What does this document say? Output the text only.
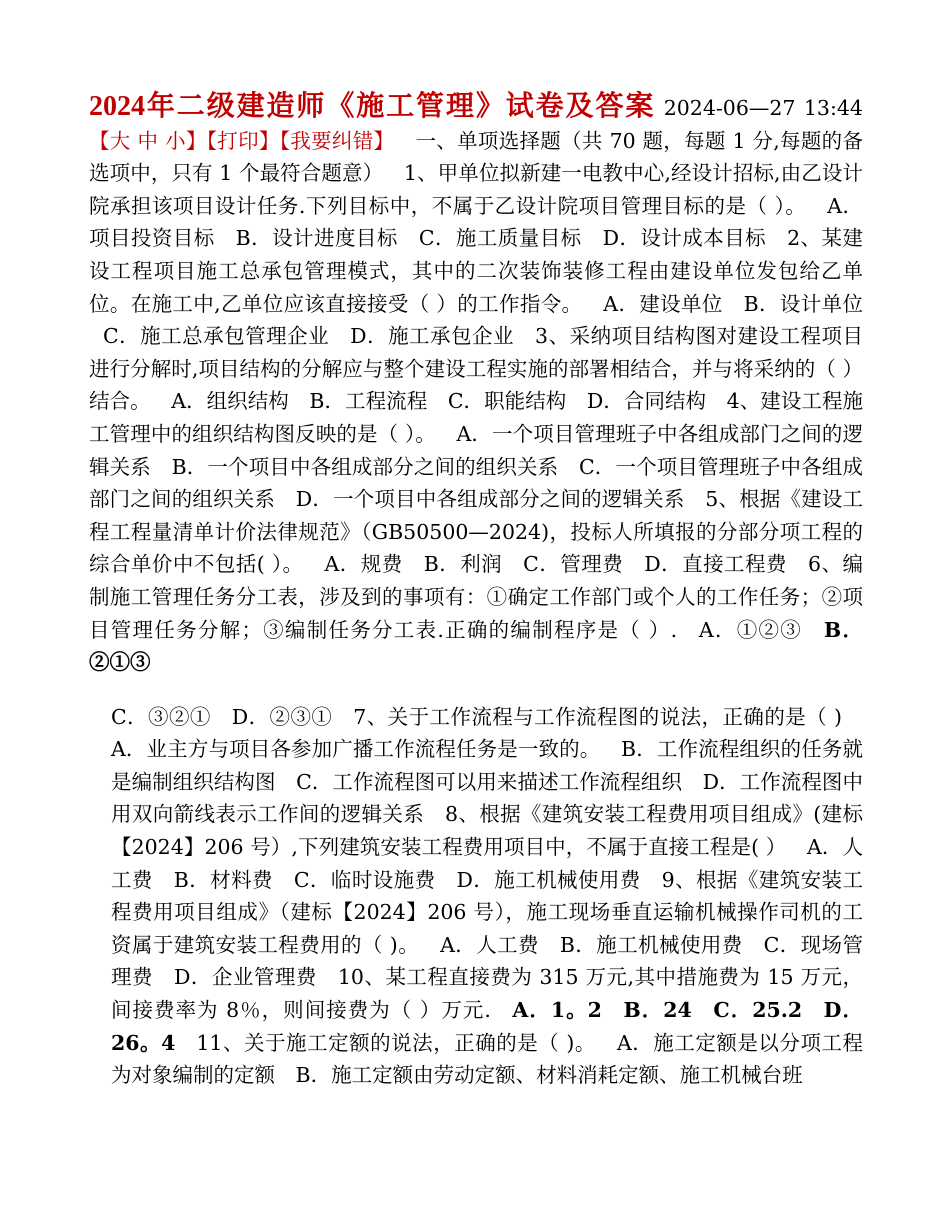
2024年二级建造师《施工管理》试卷及答案 2024-06—27 13:44 【大 中 小】【打印】【我要纠错】 一、单项选择题（共 70 题，每题 1 分,每题的备选项中，只有 1 个最符合题意） 1、甲单位拟新建一电教中心,经设计招标,由乙设计院承担该项目设计任务.下列目标中，不属于乙设计院项目管理目标的是（ ）。 A．项目投资目标 B．设计进度目标 C．施工质量目标 D．设计成本目标 2、某建设工程项目施工总承包管理模式，其中的二次装饰装修工程由建设单位发包给乙单位。在施工中,乙单位应该直接接受（ ）的工作指令。 A．建设单位 B．设计单位 C．施工总承包管理企业 D．施工承包企业 3、采纳项目结构图对建设工程项目进行分解时,项目结构的分解应与整个建设工程实施的部署相结合，并与将采纳的（ ）结合。 A．组织结构 B．工程流程 C．职能结构 D．合同结构 4、建设工程施工管理中的组织结构图反映的是（ ）。 A．一个项目管理班子中各组成部门之间的逻辑关系 B．一个项目中各组成部分之间的组织关系 C．一个项目管理班子中各组成部门之间的组织关系 D．一个项目中各组成部分之间的逻辑关系 5、根据《建设工程工程量清单计价法律规范》（GB50500—2024)，投标人所填报的分部分项工程的综合单价中不包括( ）。 A．规费 B．利润 C．管理费 D．直接工程费 6、编制施工管理任务分工表，涉及到的事项有：①确定工作部门或个人的工作任务；②项目管理任务分解；③编制任务分工表.正确的编制程序是（ ）. A．①②③ B．②①③

C．③②① D．②③① 7、关于工作流程与工作流程图的说法，正确的是（ ) A．业主方与项目各参加广播工作流程任务是一致的。 B．工作流程组织的任务就是编制组织结构图 C．工作流程图可以用来描述工作流程组织 D．工作流程图中用双向箭线表示工作间的逻辑关系 8、根据《建筑安装工程费用项目组成》(建标【2024】206 号）,下列建筑安装工程费用项目中，不属于直接工程是( ） A．人工费 B．材料费 C．临时设施费 D．施工机械使用费 9、根据《建筑安装工程费用项目组成》（建标【2024】206 号），施工现场垂直运输机械操作司机的工资属于建筑安装工程费用的（ )。 A．人工费 B．施工机械使用费 C．现场管理费 D．企业管理费 10、某工程直接费为 315 万元,其中措施费为 15 万元，间接费率为 8％，则间接费为（ ）万元. A．1。2 B．24 C．25.2 D．26。4 11、关于施工定额的说法，正确的是（ )。 A．施工定额是以分项工程为对象编制的定额 B．施工定额由劳动定额、材料消耗定额、施工机械台班
